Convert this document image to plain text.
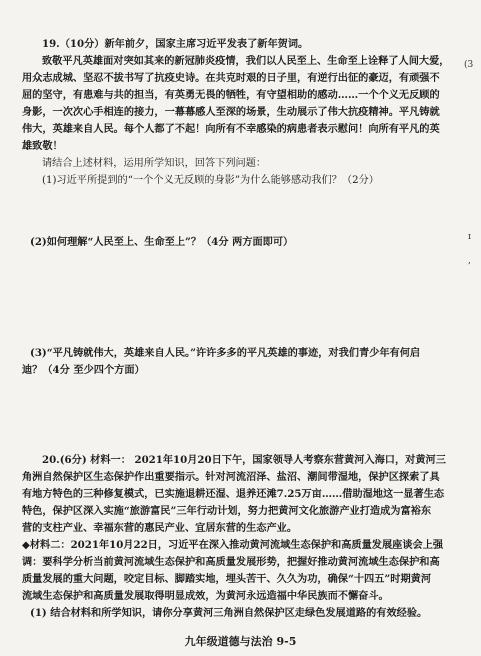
(3
ɪ
,
19.（10分）新年前夕，国家主席习近平发表了新年贺词。
致敬平凡英雄面对突如其来的新冠肺炎疫情，我们以人民至上、生命至上诠释了人间大爱，
用众志成城、坚忍不拔书写了抗疫史诗。在共克时艰的日子里，有逆行出征的豪迈，有顽强不
屈的坚守，有患难与共的担当，有英勇无畏的牺牲，有守望相助的感动……一个个义无反顾的
身影，一次次心手相连的接力，一幕幕感人至深的场景，生动展示了伟大抗疫精神。平凡铸就
伟大，英雄来自人民。每个人都了不起！向所有不幸感染的病患者表示慰问！向所有平凡的英
雄致敬！
请结合上述材料，运用所学知识，回答下列问题：
(1)习近平所提到的“一个个义无反顾的身影”为什么能够感动我们？（2分）
(2)如何理解“人民至上、生命至上”？（4分 两方面即可）
(3)“平凡铸就伟大，英雄来自人民。”许许多多的平凡英雄的事迹，对我们青少年有何启
迪？（4分 至少四个方面）
20.(6分) 材料一： 2021年10月20日下午，国家领导人考察东营黄河入海口，对黄河三
角洲自然保护区生态保护作出重要指示。针对河流沼泽、盐沼、潮间带湿地，保护区探索了具
有地方特色的三种修复模式，已实施退耕还湿、退养还滩7.25万亩……借助湿地这一显著生态
特色，保护区深入实施“旅游富民”三年行动计划，努力把黄河文化旅游产业打造成为富裕东
营的支柱产业、幸福东营的惠民产业、宜居东营的生态产业。
◆材料二：2021年10月22日，习近平在深入推动黄河流域生态保护和高质量发展座谈会上强
调：要科学分析当前黄河流域生态保护和高质量发展形势，把握好推动黄河流域生态保护和高
质量发展的重大问题，咬定目标、脚踏实地，埋头苦干、久久为功，确保“十四五”时期黄河
流域生态保护和高质量发展取得明显成效，为黄河永远造福中华民族而不懈奋斗。
(1) 结合材料和所学知识，请你分享黄河三角洲自然保护区走绿色发展道路的有效经验。
九年级道德与法治 9-5
